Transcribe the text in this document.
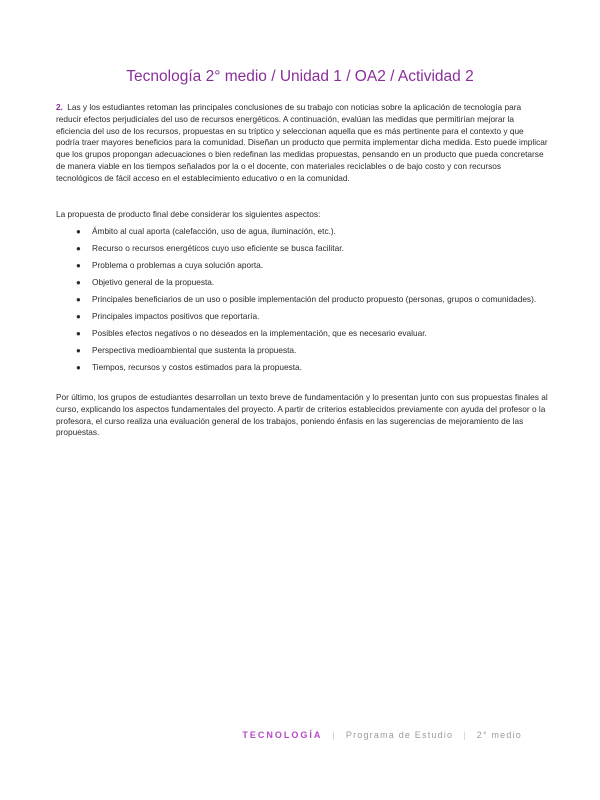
Tecnología 2° medio / Unidad 1 / OA2 / Actividad 2

2. Las y los estudiantes retoman las principales conclusiones de su trabajo con noticias sobre la aplicación de tecnología para reducir efectos perjudiciales del uso de recursos energéticos. A continuación, evalúan las medidas que permitirían mejorar la eficiencia del uso de los recursos, propuestas en su tríptico y seleccionan aquella que es más pertinente para el contexto y que podría traer mayores beneficios para la comunidad. Diseñan un producto que permita implementar dicha medida. Esto puede implicar que los grupos propongan adecuaciones o bien redefinan las medidas propuestas, pensando en un producto que pueda concretarse de manera viable en los tiempos señalados por la o el docente, con materiales reciclables o de bajo costo y con recursos tecnológicos de fácil acceso en el establecimiento educativo o en la comunidad.

La propuesta de producto final debe considerar los siguientes aspectos:

● Ámbito al cual aporta (calefacción, uso de agua, iluminación, etc.).
● Recurso o recursos energéticos cuyo uso eficiente se busca facilitar.
● Problema o problemas a cuya solución aporta.
● Objetivo general de la propuesta.
● Principales beneficiarios de un uso o posible implementación del producto propuesto (personas, grupos o comunidades).
● Principales impactos positivos que reportaría.
● Posibles efectos negativos o no deseados en la implementación, que es necesario evaluar.
● Perspectiva medioambiental que sustenta la propuesta.
● Tiempos, recursos y costos estimados para la propuesta.

Por último, los grupos de estudiantes desarrollan un texto breve de fundamentación y lo presentan junto con sus propuestas finales al curso, explicando los aspectos fundamentales del proyecto. A partir de criterios establecidos previamente con ayuda del profesor o la profesora, el curso realiza una evaluación general de los trabajos, poniendo énfasis en las sugerencias de mejoramiento de las propuestas.

TECNOLOGÍA | Programa de Estudio | 2° medio
